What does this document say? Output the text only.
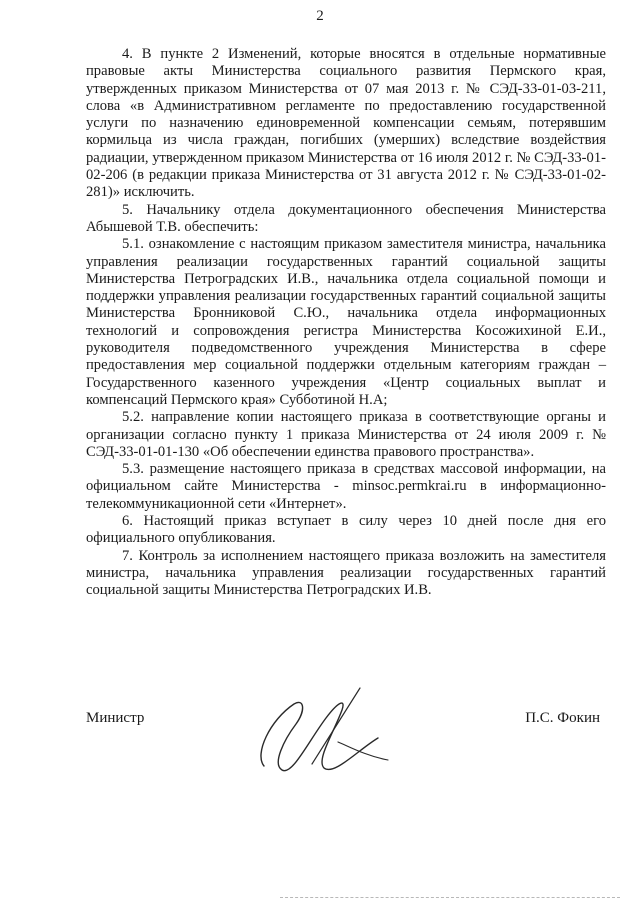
2

4. В пункте 2 Изменений, которые вносятся в отдельные нормативные правовые акты Министерства социального развития Пермского края, утвержденных приказом Министерства от 07 мая 2013 г. № СЭД-33-01-03-211, слова «в Административном регламенте по предоставлению государственной услуги по назначению единовременной компенсации семьям, потерявшим кормильца из числа граждан, погибших (умерших) вследствие воздействия радиации, утвержденном приказом Министерства от 16 июля 2012 г. № СЭД-33-01-02-206 (в редакции приказа Министерства от 31 августа 2012 г. № СЭД-33-01-02-281)» исключить.

5. Начальнику отдела документационного обеспечения Министерства Абышевой Т.В. обеспечить:

5.1. ознакомление с настоящим приказом заместителя министра, начальника управления реализации государственных гарантий социальной защиты Министерства Петроградских И.В., начальника отдела социальной помощи и поддержки управления реализации государственных гарантий социальной защиты Министерства Бронниковой С.Ю., начальника отдела информационных технологий и сопровождения регистра Министерства Косожихиной Е.И., руководителя подведомственного учреждения Министерства в сфере предоставления мер социальной поддержки отдельным категориям граждан – Государственного казенного учреждения «Центр социальных выплат и компенсаций Пермского края» Субботиной Н.А;

5.2. направление копии настоящего приказа в соответствующие органы и организации согласно пункту 1 приказа Министерства от 24 июля 2009 г. № СЭД-33-01-01-130 «Об обеспечении единства правового пространства».

5.3. размещение настоящего приказа в средствах массовой информации, на официальном сайте Министерства - minsoc.permkrai.ru в информационно-телекоммуникационной сети «Интернет».

6. Настоящий приказ вступает в силу через 10 дней после дня его официального опубликования.

7. Контроль за исполнением настоящего приказа возложить на заместителя министра, начальника управления реализации государственных гарантий социальной защиты Министерства Петроградских И.В.

Министр	П.С. Фокин
